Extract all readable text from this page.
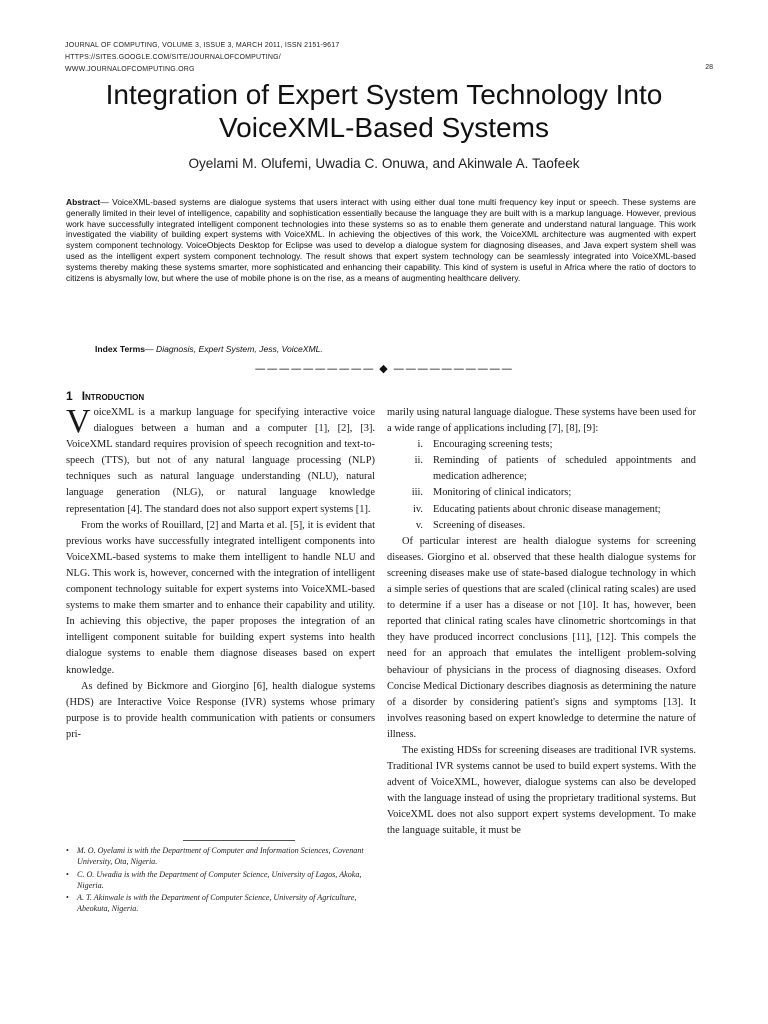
JOURNAL OF COMPUTING, VOLUME 3, ISSUE 3, MARCH 2011, ISSN 2151-9617
HTTPS://SITES.GOOGLE.COM/SITE/JOURNALOFCOMPUTING/
WWW.JOURNALOFCOMPUTING.ORG	28
Integration of Expert System Technology Into
VoiceXML-Based Systems
Oyelami M. Olufemi, Uwadia C. Onuwa, and Akinwale A. Taofeek
Abstract— VoiceXML-based systems are dialogue systems that users interact with using either dual tone multi frequency key input or speech. These systems are generally limited in their level of intelligence, capability and sophistication essentially because the language they are built with is a markup language. However, previous work have successfully integrated intelligent component technologies into these systems so as to enable them generate and understand natural language. This work investigated the viability of building expert systems with VoiceXML. In achieving the objectives of this work, the VoiceXML architecture was augmented with expert system component technology. VoiceObjects Desktop for Eclipse was used to develop a dialogue system for diagnosing diseases, and Java expert system shell was used as the intelligent expert system component technology. The result shows that expert system technology can be seamlessly integrated into VoiceXML-based systems thereby making these systems smarter, more sophisticated and enhancing their capability. This kind of system is useful in Africa where the ratio of doctors to citizens is abysmally low, but where the use of mobile phone is on the rise, as a means of augmenting healthcare delivery.
Index Terms— Diagnosis, Expert System, Jess, VoiceXML.
—————————— ◆ ——————————
1 Introduction

VoiceXML is a markup language for specifying interactive voice dialogues between a human and a computer [1], [2], [3]. VoiceXML standard requires provision of speech recognition and text-to-speech (TTS), but not of any natural language processing (NLP) techniques such as natural language understanding (NLU), natural language generation (NLG), or natural language knowledge representation [4]. The standard does not also support expert systems [1].

From the works of Rouillard, [2] and Marta et al. [5], it is evident that previous works have successfully integrated intelligent components into VoiceXML-based systems to make them intelligent to handle NLU and NLG. This work is, however, concerned with the integration of intelligent component technology suitable for expert systems into VoiceXML-based systems to make them smarter and to enhance their capability and utility. In achieving this objective, the paper proposes the integration of an intelligent component suitable for building expert systems into health dialogue systems to enable them diagnose diseases based on expert knowledge.

As defined by Bickmore and Giorgino [6], health dialogue systems (HDS) are Interactive Voice Response (IVR) systems whose primary purpose is to provide health communication with patients or consumers pri-

•	M. O. Oyelami is with the Department of Computer and Information Sciences, Covenant University, Ota, Nigeria.
•	C. O. Uwadia is with the Department of Computer Science, University of Lagos, Akoka, Nigeria.
•	A. T. Akinwale is with the Department of Computer Science, University of Agriculture, Abeokuta, Nigeria.

marily using natural language dialogue. These systems have been used for a wide range of applications including [7], [8], [9]:

i. Encouraging screening tests;
ii. Reminding of patients of scheduled appointments and medication adherence;
iii. Monitoring of clinical indicators;
iv. Educating patients about chronic disease management;
v. Screening of diseases.

Of particular interest are health dialogue systems for screening diseases. Giorgino et al. observed that these health dialogue systems for screening diseases make use of state-based dialogue technology in which a simple series of questions that are scaled (clinical rating scales) are used to determine if a user has a disease or not [10]. It has, however, been reported that clinical rating scales have clinometric shortcomings in that they have produced incorrect conclusions [11], [12]. This compels the need for an approach that emulates the intelligent problem-solving behaviour of physicians in the process of diagnosing diseases. Oxford Concise Medical Dictionary describes diagnosis as determining the nature of a disorder by considering patient's signs and symptoms [13]. It involves reasoning based on expert knowledge to determine the nature of illness.

The existing HDSs for screening diseases are traditional IVR systems. Traditional IVR systems cannot be used to build expert systems. With the advent of VoiceXML, however, dialogue systems can also be developed with the language instead of using the proprietary traditional systems. But VoiceXML does not also support expert systems development. To make the language suitable, it must be
